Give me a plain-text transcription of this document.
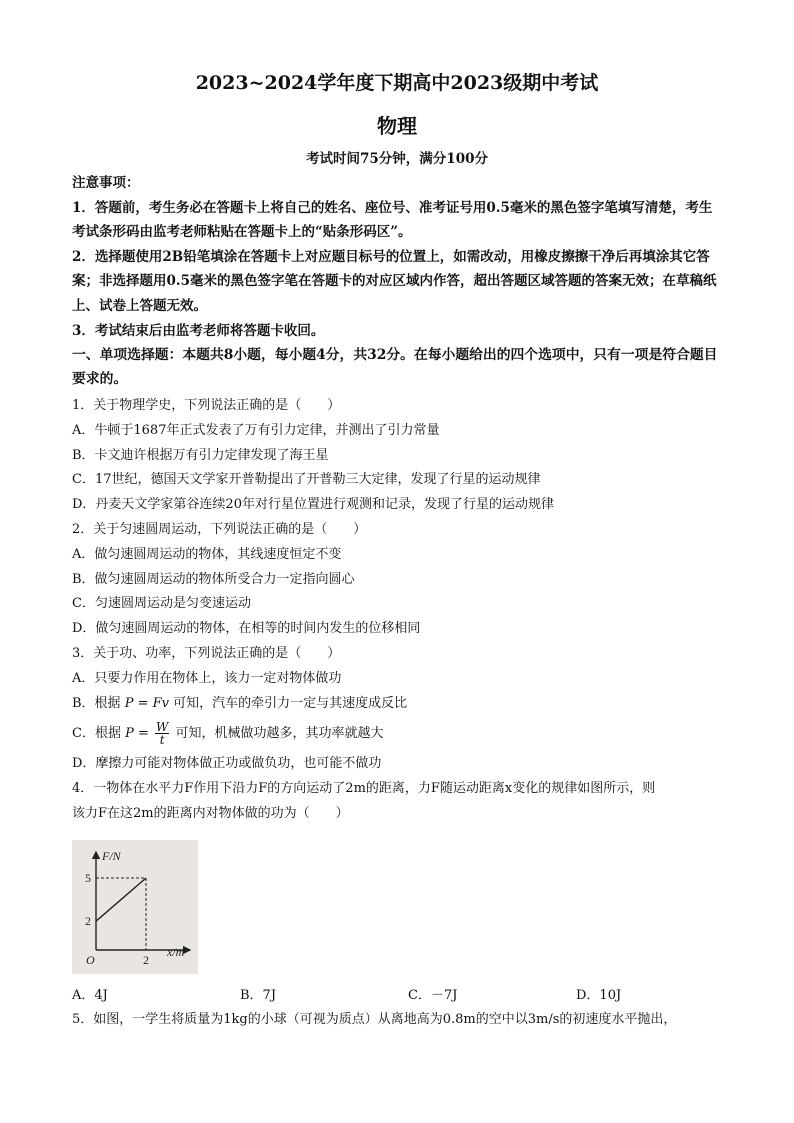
2023~2024学年度下期高中2023级期中考试
物理
考试时间75分钟，满分100分
注意事项：
1．答题前，考生务必在答题卡上将自己的姓名、座位号、准考证号用0.5毫米的黑色签字笔填写清楚，考生考试条形码由监考老师粘贴在答题卡上的“贴条形码区”。
2．选择题使用2B铅笔填涂在答题卡上对应题目标号的位置上，如需改动，用橡皮擦擦干净后再填涂其它答案；非选择题用0.5毫米的黑色签字笔在答题卡的对应区域内作答，超出答题区域答题的答案无效；在草稿纸上、试卷上答题无效。
3．考试结束后由监考老师将答题卡收回。
一、单项选择题：本题共8小题，每小题4分，共32分。在每小题给出的四个选项中，只有一项是符合题目要求的。
1．关于物理学史，下列说法正确的是（　　）
A．牛顿于1687年正式发表了万有引力定律，并测出了引力常量
B．卡文迪许根据万有引力定律发现了海王星
C．17世纪，德国天文学家开普勒提出了开普勒三大定律，发现了行星的运动规律
D．丹麦天文学家第谷连续20年对行星位置进行观测和记录，发现了行星的运动规律
2．关于匀速圆周运动，下列说法正确的是（　　）
A．做匀速圆周运动的物体，其线速度恒定不变
B．做匀速圆周运动的物体所受合力一定指向圆心
C．匀速圆周运动是匀变速运动
D．做匀速圆周运动的物体，在相等的时间内发生的位移相同
3．关于功、功率，下列说法正确的是（　　）
A．只要力作用在物体上，该力一定对物体做功
B．根据 P = Fv 可知，汽车的牵引力一定与其速度成反比
C．根据 $P = \frac{W}{t}$ 可知，机械做功越多，其功率就越大
D．摩擦力可能对物体做正功或做负功，也可能不做功
4．一物体在水平力F作用下沿力F的方向运动了2m的距离，力F随运动距离x变化的规律如图所示，则
该力F在这2m的距离内对物体做的功为（　　）
F/N
x/m
O
5
2
2
A．4J	B．7J	C．－7J	D．10J
5．如图，一学生将质量为1kg的小球（可视为质点）从离地高为0.8m的空中以3m/s的初速度水平抛出，
